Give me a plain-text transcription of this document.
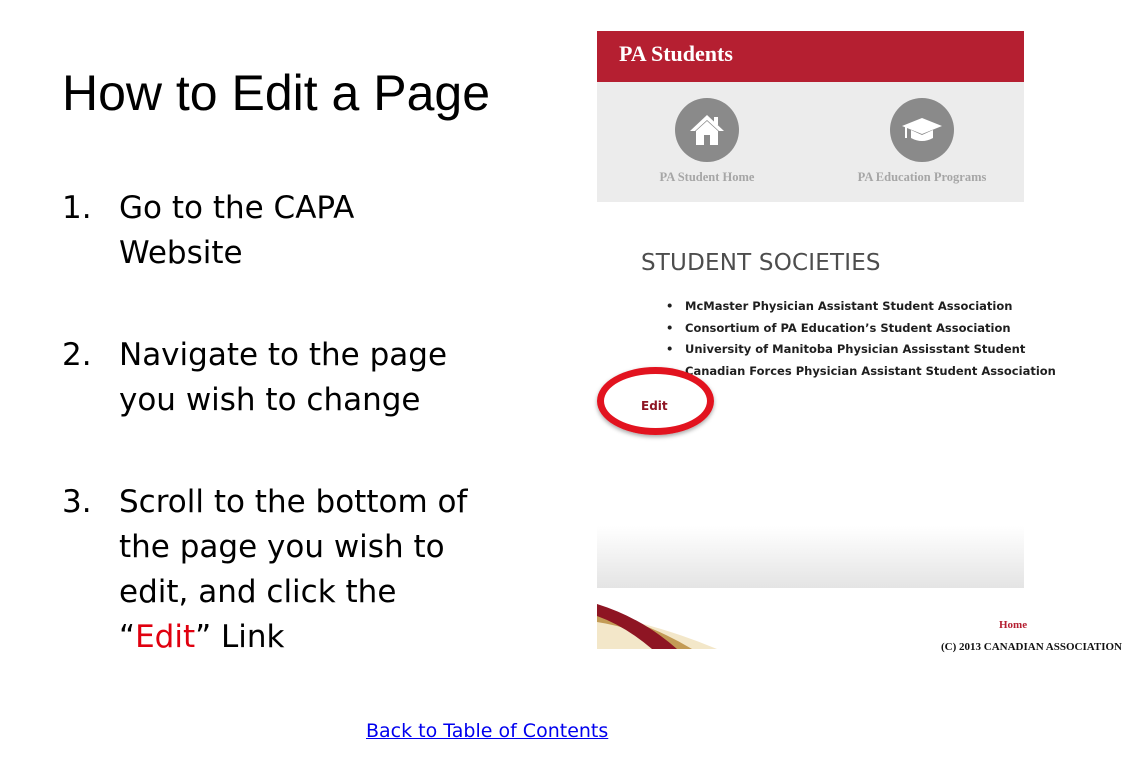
How to Edit a Page
1. Go to the CAPA Website
2. Navigate to the page you wish to change
3. Scroll to the bottom of the page you wish to edit, and click the “Edit” Link
PA Students
PA Student Home	PA Education Programs
STUDENT SOCIETIES
• McMaster Physician Assistant Student Association
• Consortium of PA Education’s Student Association
• University of Manitoba Physician Assisstant Student
• Canadian Forces Physician Assistant Student Association
Edit
Home
(C) 2013 CANADIAN ASSOCIATION
Back to Table of Contents
